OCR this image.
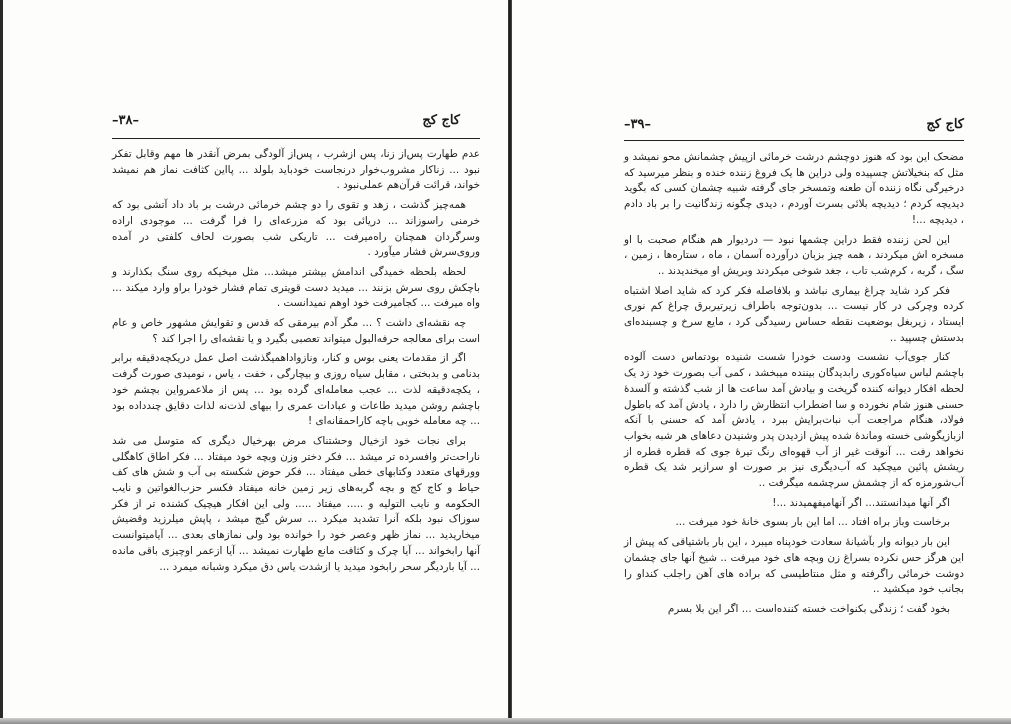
کاج کج
–۳۸–

عدم طهارت پس‌از زنا، پس ازشرب ، پس‌از آلودگی بمرض آنقدر ها مهم وقابل تفکر نبود ... زناکار مشروب‌خوار درنجاست خودباید بلولد ... پااین کثافت نماز هم نمیشد خواند، قرائت قرآن‌هم عملی‌نبود .

همه‌چیز گذشت ، زهد و تقوی را دو چشم خرمائی درشت بر باد داد آتشی بود که خرمنی راسوزاند ... دریائی بود که مزرعه‌ای را فرا گرفت ... موجودی اراده وسرگردان همچنان راه‌میرفت ... تاریکی شب بصورت لحاف کلفتی در آمده وروی‌سرش فشار میآورد .

لحظه بلحظه خمیدگی اندامش بیشتر میشد... مثل میخیکه روی سنگ بکذارند و باچکش روی سرش بزنند ... میدید دست قویتری تمام‌ فشار خودرا براو وارد میکند ... واه میرفت ... کجامیرفت خود اوهم نمیدانست .

چه نقشه‌ای داشت ؟ ... مگر آدم بیرمقی که قدس و تقوایش مشهور خاص و عام است برای معالجه حرفه‌البول میتواند تعصبی بگیرد و یا نقشه‌ای را اجرا کند ؟

اگر از مقدمات یعنی بوس و کنار، ونازواداهمیگذشت اصل عمل دریکچه‌دقیقه برابر بدنامی و بدبختی ، مقابل سیاه روزی و بیچارگی ، خفت ، یاس ، نومیدی صورت گرفت ، یکچه‌دقیقه لذت ... عجب معامله‌ای گرده بود ... پس از ملاعمرواین بچشم خود باچشم روشن میدید طاعات و عبادات عمری را بیهای لذت‌نه لذات دقایق چندداده بود ... چه معامله خوبی باچه کاراحمقانه‌ای !

برای نجات خود ازخیال وحشتناک مرض بهرخیال دیگری که متوسل می شد ناراحت‌تر وافسرده تر میشد ... فکر دختر وزن وبچه خود میفتاد ... فکر اطاق کاهگلی وورقهای متعدد وکتابهای خطی میفتاد ... فکر حوض شکسته بی آب و شش های کف حیاط و کاج کج و بچه گربه‌های زیر زمین خانه میفتاد فکسر حزب‌الغواتین و نایب الحکومه و نایب التولیه و ..... میفتاد ..... ولی این افکار هیچیک کشنده‌ تر از فکر سوزاک نبود بلکه آنرا تشدید میکرد ... سرش گیج میشد ، پاپش میلرزید وقضیش میخاریدید ... نماز ظهر وعصر خود را خوانده بود ولی نمازهای بعدی ... آیامیتوانست آنها رابخواند ... آیا چرک و کثافت مانع طهارت نمیشد ... آیا ازعمر اوچیزی باقی مانده ... آیا باردیگر سحر رابخود میدید یا ازشدت یاس دق میکرد وشبانه میمرد ...

کاج کج
–۳۹–

مضحک این بود که هنوز دوچشم درشت خرمائی ازپیش چشمانش محو نمیشد و مثل که بنخیلاتش چسپیده ولی دراین ها یک فروغ زننده خنده و بنظر میرسید که درخیرگی نگاه زننده آن طعنه وتمسخر جای گرفته شبیه چشمان کسی که بگوید دیدیچه کردم ؛ دیدیچه بلائی بسرت آوردم ، دیدی چگونه زندگانیت را بر باد دادم ، دیدیچه ...!

این لحن زننده فقط دراین چشمها نبود — دردیوار هم هنگام صحبت با او مسخره اش میکردند ، همه چیز بزبان درآورده آسمان ، ماه ، ستاره‌ها ، زمین ، سگ ، گربه ، کرم‌شب تاب ، جغد شوخی میکردند وبریش او میخندیدند ..

فکر کرد شاید چراغ بیماری نباشد و بلافاصله فکر کرد که شاید اصلا اشتباه کرده وچرکی در کار نیست ... بدون‌توجه باطراف زیرتیربرق چراغ کم نوری ایستاد ، زیربغل بوضعیت نقطه حساس رسیدگی کرد ، مایع سرخ و چسبنده‌ای بدستش چسپید ..

کنار جوی‌آب نشست ودست خودرا شست شنیده بودتماس دست آلوده باچشم لباس سیاه‌کوری رابدیدگان بیننده میبخشد ، کمی آب بصورت خود زد یک لحظه افکار دیوانه کننده گریخت و بیادش آمد ساعت ها از شب گذشته و آلسدهٔ حسنی هنوز شام نخورده و سا اضطراب انتظارش را دارد ، یادش آمد که باطول فولاد، هنگام مراجعت آب نبات‌برایش ببرد ، یادش آمد که حسنی با آنکه ازبازیگوشی خسته وماندهٔ شده‌ پیش ازدیدن پدر وشنیدن دعاهای هر شبه بخواب نخواهد رفت ... آنوقت غیر از آب قهوه‌ای رنگ تیرهٔ جوی که قطره قطره از ریشش پائین میچکید که آب‌دیگری نیز بر صورت او سرازیر شد یک قطره آب‌شورمزه‌ که از چشمش سرچشمه میگرفت ..

اگر آنها میدانستند... اگر آنهامیفهمیدند ...!

برخاست وباز براه افتاد ... اما این بار بسوی خانهٔ خود میرفت ...

این بار دیوانه وار بآشیانهٔ سعادت خودپناه میبرد ، این بار باشتیاقی که پیش از این هرگز حس نکرده بسراغ زن وبچه های خود میرفت .. شیخ آنها جای چشمان دوشت خرمائی راگرفته و مثل منتاطیسی که براده های آهن‌ راجلب کنداو را بجانب خود میکشید ..

بخود گفت ؛ زندگی بکنواخت خسته کننده‌است ... اگر این بلا بسرم
